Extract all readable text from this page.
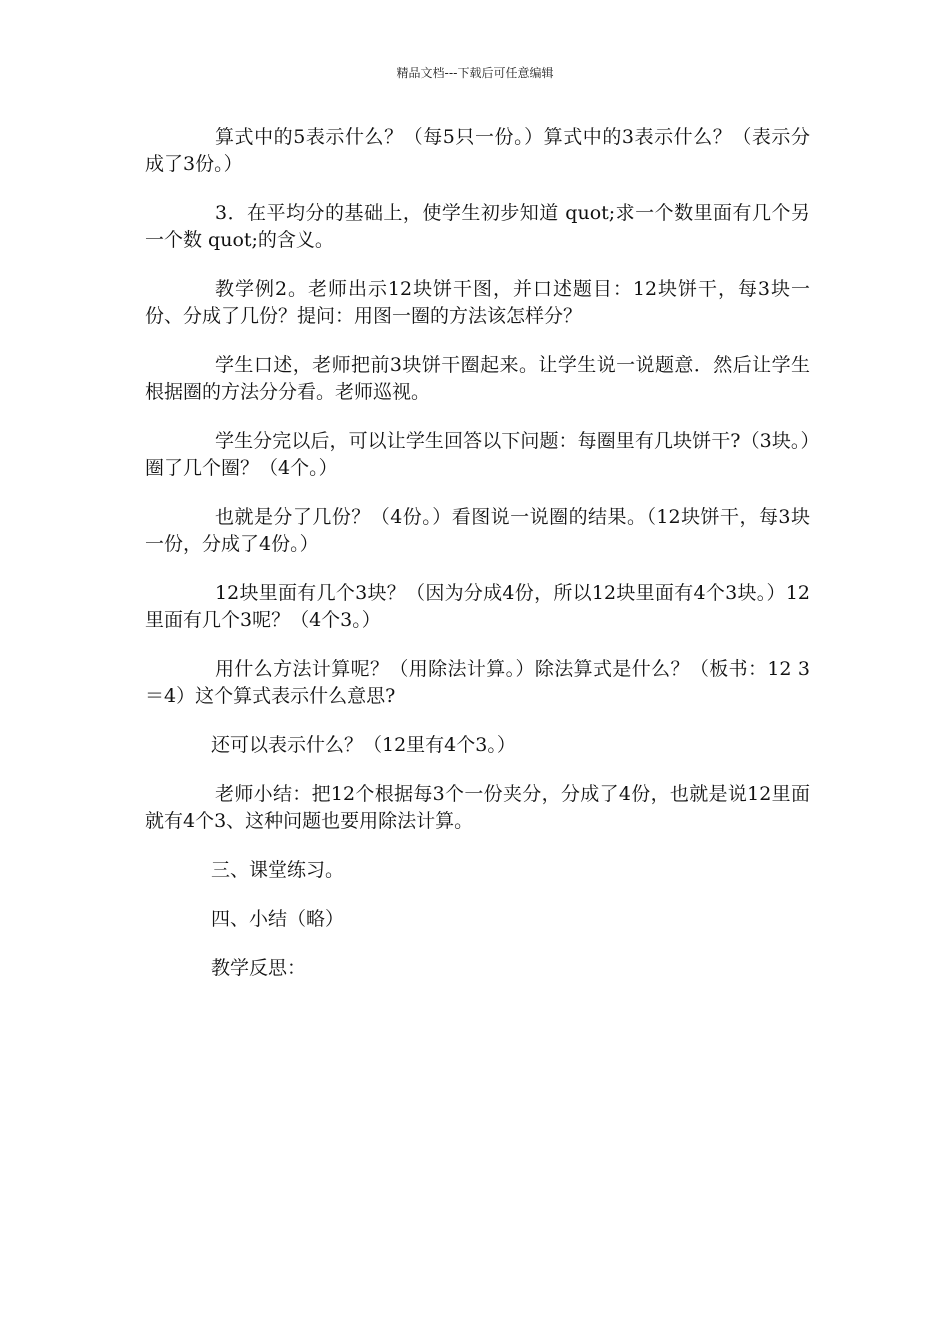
精品文档---下载后可任意编辑

算式中的5表示什么？（每5只一份。）算式中的3表示什么？（表示分成了3份。）

3．在平均分的基础上，使学生初步知道 quot;求一个数里面有几个另一个数 quot;的含义。

教学例2。老师出示12块饼干图，并口述题目：12块饼干，每3块一份、分成了几份？提问：用图一圈的方法该怎样分？

学生口述，老师把前3块饼干圈起来。让学生说一说题意．然后让学生根据圈的方法分分看。老师巡视。

学生分完以后，可以让学生回答以下问题：每圈里有几块饼干?（3块。）圈了几个圈？（4个。）

也就是分了几份？（4份。）看图说一说圈的结果。（12块饼干，每3块一份，分成了4份。）

12块里面有几个3块？（因为分成4份，所以12块里面有4个3块。）12里面有几个3呢？（4个3。）

用什么方法计算呢？（用除法计算。）除法算式是什么？（板书：12 3＝4）这个算式表示什么意思?

还可以表示什么？（12里有4个3。）

老师小结：把12个根据每3个一份夹分，分成了4份，也就是说12里面就有4个3、这种问题也要用除法计算。

三、课堂练习。

四、小结（略）

教学反思：
